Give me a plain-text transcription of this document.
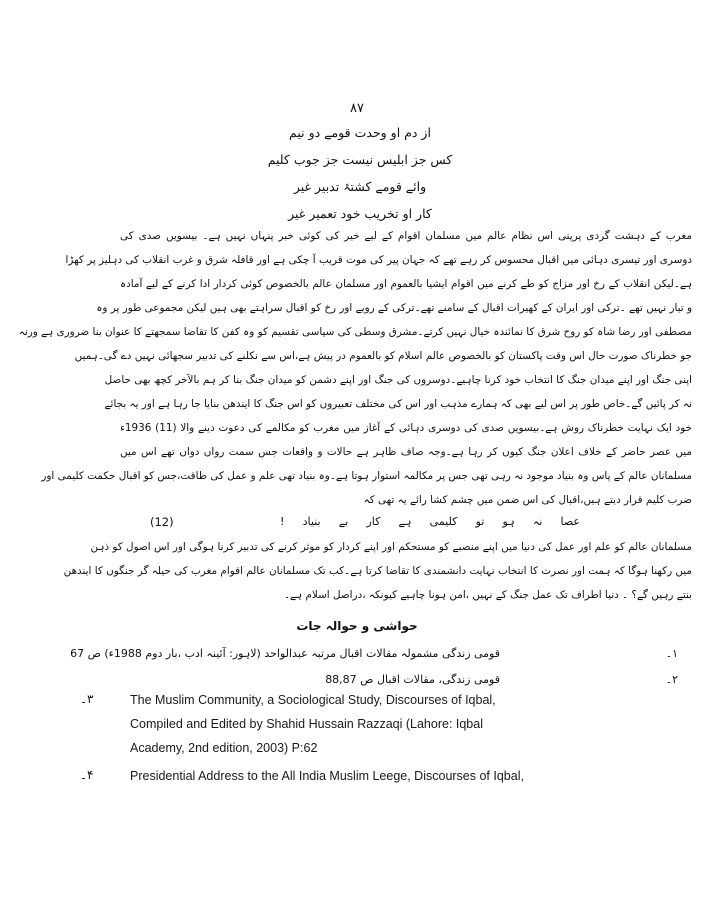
۸۷
از دم او وحدت قومے دو نیم
کس جز ابلیس نیست جز جوب کلیم
وائے قومے کشتۂ تدبیر غیر
کار او تخریب خود تعمیر غیر
مغرب کے دہشت گردی پرپنی اس نظام عالم میں مسلمان اقوام کے لیے خیر کی کوئی خبر پنہاں نہیں ہے۔ بیسویں صدی کی
دوسری اور تیسری دہائی میں اقبال محسوس کر رہے تھے کہ جہان پیر کی موت قریب آ چکی ہے اور قافلہ شرق و غرب انقلاب کی دہلیز پر کھڑا
ہے۔لیکن انقلاب کے رخ اور مزاج کو طے کرنے میں اقوام ایشیا بالعموم اور مسلمان عالم بالخصوص کوئی کردار ادا کرنے کے لیے آمادہ
و تیار نہیں تھے ۔ترکی اور ایران کے کھیرات اقبال کے سامنے تھے۔ترکی کے رویے اور رخ کو اقبال سراہتے بھی ہیں لیکن مجموعی طور پر وہ
مصطفی اور رضا شاہ کو روح شرق کا نمائندہ خیال نہیں کرتے۔مشرق وسطی کی سیاسی تقسیم کو وہ کفن کا تقاضا سمجھتے کا عنوان بنا ضروری ہے ورنہ
جو خطرناک صورت حال اس وقت پاکستان کو بالخصوص عالم اسلام کو بالعموم در پیش ہے،اس سے نکلنے کی تدبیر سجھائی نہیں دے گی۔ہمیں
اپنی جنگ اور اپنے میدان جنگ کا انتخاب خود کرنا چاہیے۔دوسروں کی جنگ اور اپنے دشمن کو میدان جنگ بنا کر ہم بالآخر کچھ بھی حاصل
نہ کر پائیں گے۔خاص طور پر اس لیے بھی کہ ہمارے مذہب اور اس کی مختلف تعبیروں کو اس جنگ کا ایندھن بنایا جا رہا ہے اور یہ بجائے
خود ایک نہایت خطرناک روش ہے۔بیسویں صدی کی دوسری دہائی کے آغاز میں مغرب کو مکالمے کی دعوت دینے والا (11) 1936ء
میں عصر حاضر کے خلاف اعلان جنگ کیوں کر رہا ہے۔وجہ صاف ظاہر ہے حالات و واقعات جس سمت رواں دواں تھے اس میں
مسلمانان عالم کے پاس وہ بنیاد موجود نہ رہی تھی جس پر مکالمہ استوار ہوتا ہے۔وہ بنیاد تھی علم و عمل کی طاقت،جس کو اقبال حکمت کلیمی اور
ضرب کلیم قرار دیتے ہیں،اقبال کی اس ضمن میں چشم کشا رائے یہ تھی کہ
عصا نہ ہو تو کلیمی ہے کار بے بنیاد !
(12)
مسلمانان عالم کو علم اور عمل کی دنیا میں اپنے منصبے کو مستحکم اور اپنے کردار کو موثر کرنے کی تدبیر کرنا ہوگی اور اس اصول کو ذہن
میں رکھنا ہوگا کہ ہمت اور نصرت کا انتخاب نہایت دانشمندی کا تقاضا کرتا ہے۔کب تک مسلمانان عالم اقوام مغرب کی حیلہ گر جنگوں کا ایندھن
بنتے رہیں گے؟ ۔ دنیا اطراف تک عمل جنگ کے نہیں ،امن ہونا چاہیے کیونکہ ،دراصل اسلام ہے۔
حواشی و حوالہ جات
۱۔
قومی زندگی مشمولہ مقالات اقبال مرتبہ عبدالواحد (لاہور: آئینہ ادب ،بار دوم 1988ء) ص 67
۲۔
قومی زندگی، مقالات اقبال ص 88,87
۳۔	The Muslim Community, a Sociological Study, Discourses of Iqbal,
Compiled and Edited by Shahid Hussain Razzaqi (Lahore: Iqbal
Academy, 2nd edition, 2003) P:62
۴۔	Presidential Address to the All India Muslim Leege, Discourses of Iqbal,
